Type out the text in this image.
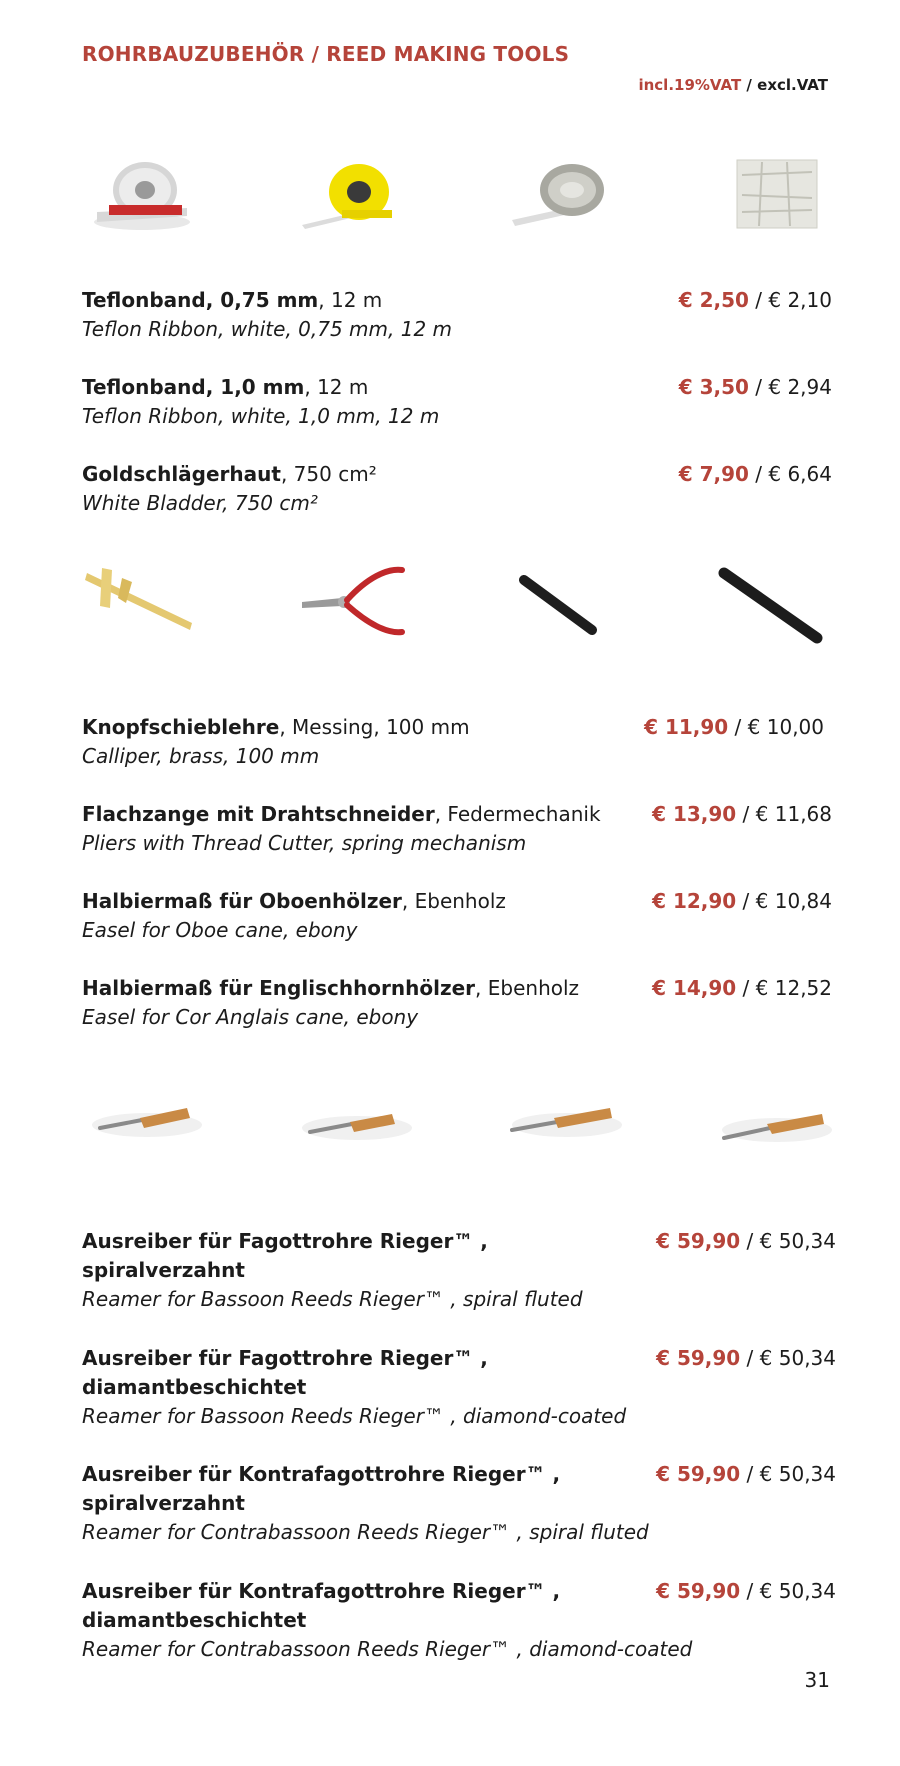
ROHRBAUZUBEHÖR / REED MAKING TOOLS
incl.19%VAT / excl.VAT
Teflonband, 0,75 mm, 12 m
Teflon Ribbon, white, 0,75 mm, 12 m
€ 2,50 / € 2,10
Teflonband, 1,0 mm, 12 m
Teflon Ribbon, white, 1,0 mm, 12 m
€ 3,50 / € 2,94
Goldschlägerhaut, 750 cm²
White Bladder, 750 cm²
€ 7,90 / € 6,64
Knopfschieblehre, Messing, 100 mm
Calliper, brass, 100 mm
€ 11,90 / € 10,00
Flachzange mit Drahtschneider, Federmechanik
Pliers with Thread Cutter, spring mechanism
€ 13,90 / € 11,68
Halbiermaß für Oboenhölzer, Ebenholz
Easel for Oboe cane, ebony
€ 12,90 / € 10,84
Halbiermaß für Englischhornhölzer, Ebenholz
Easel for Cor Anglais cane, ebony
€ 14,90 / € 12,52
Ausreiber für Fagottrohre Rieger™ , spiralverzahnt
Reamer for Bassoon Reeds Rieger™ , spiral fluted
€ 59,90 / € 50,34
Ausreiber für Fagottrohre Rieger™ , diamantbeschichtet
Reamer for Bassoon Reeds Rieger™ , diamond-coated
€ 59,90 / € 50,34
Ausreiber für Kontrafagottrohre Rieger™ , spiralverzahnt
Reamer for Contrabassoon Reeds Rieger™ , spiral fluted
€ 59,90 / € 50,34
Ausreiber für Kontrafagottrohre Rieger™ , diamantbeschichtet
Reamer for Contrabassoon Reeds Rieger™ , diamond-coated
€ 59,90 / € 50,34
31
